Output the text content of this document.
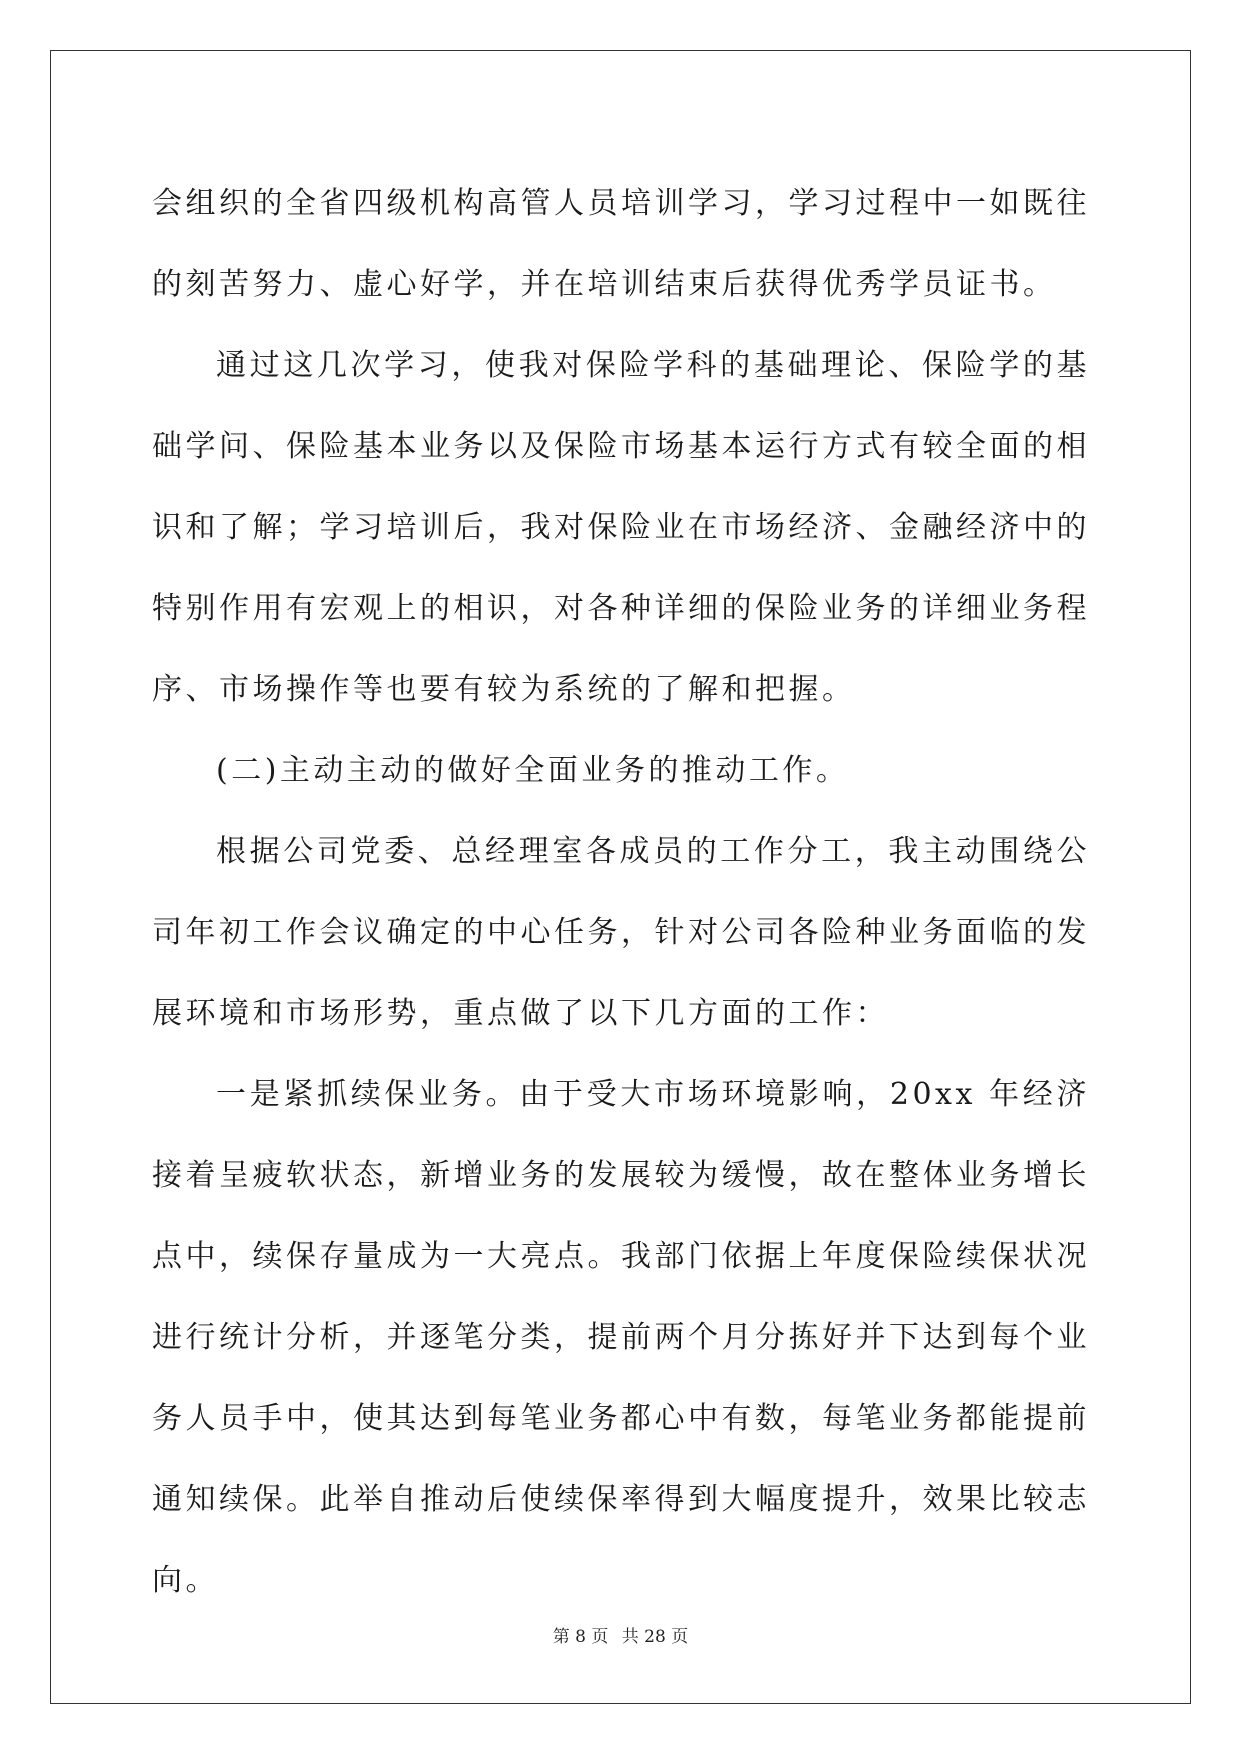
会组织的全省四级机构高管人员培训学习，学习过程中一如既往的刻苦努力、虚心好学，并在培训结束后获得优秀学员证书。

通过这几次学习，使我对保险学科的基础理论、保险学的基础学问、保险基本业务以及保险市场基本运行方式有较全面的相识和了解；学习培训后，我对保险业在市场经济、金融经济中的特别作用有宏观上的相识，对各种详细的保险业务的详细业务程序、市场操作等也要有较为系统的了解和把握。

(二)主动主动的做好全面业务的推动工作。

根据公司党委、总经理室各成员的工作分工，我主动围绕公司年初工作会议确定的中心任务，针对公司各险种业务面临的发展环境和市场形势，重点做了以下几方面的工作：

一是紧抓续保业务。由于受大市场环境影响，20xx 年经济接着呈疲软状态，新增业务的发展较为缓慢，故在整体业务增长点中，续保存量成为一大亮点。我部门依据上年度保险续保状况进行统计分析，并逐笔分类，提前两个月分拣好并下达到每个业务人员手中，使其达到每笔业务都心中有数，每笔业务都能提前通知续保。此举自推动后使续保率得到大幅度提升，效果比较志向。

第 8 页 共 28 页
